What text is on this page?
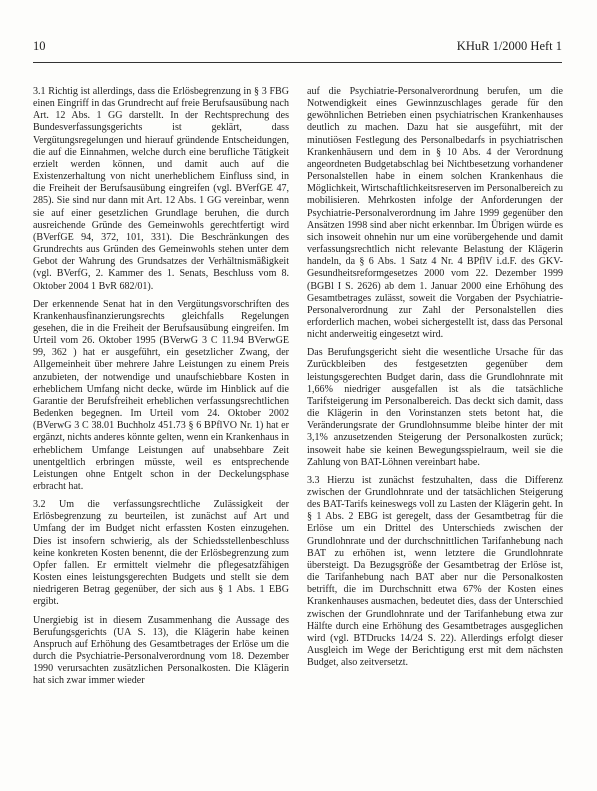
10	KHuR 1/2000 Heft 1

3.1 Richtig ist allerdings, dass die Erlösbegrenzung in § 3 FBG einen Eingriff in das Grundrecht auf freie Berufsausübung nach Art. 12 Abs. 1 GG darstellt. In der Rechtsprechung des Bundesverfassungsgerichts ist geklärt, dass Vergütungsregelungen und hierauf gründende Entscheidungen, die auf die Einnahmen, welche durch eine berufliche Tätigkeit erzielt werden können, und damit auch auf die Existenzerhaltung von nicht unerheblichem Einfluss sind, in die Freiheit der Berufsausübung eingreifen (vgl. BVerfGE 47, 285). Sie sind nur dann mit Art. 12 Abs. 1 GG vereinbar, wenn sie auf einer gesetzlichen Grundlage beruhen, die durch ausreichende Gründe des Gemeinwohls gerechtfertigt wird (BVerfGE 94, 372, 101, 331). Die Beschränkungen des Grundrechts aus Gründen des Gemeinwohls stehen unter dem Gebot der Wahrung des Grundsatzes der Verhältnismäßigkeit (vgl. BVerfG, 2. Kammer des 1. Senats, Beschluss vom 8. Oktober 2004 1 BvR 682/01).

Der erkennende Senat hat in den Vergütungsvorschriften des Krankenhausfinanzierungsrechts gleichfalls Regelungen gesehen, die in die Freiheit der Berufsausübung eingreifen. Im Urteil vom 26. Oktober 1995 (BVerwG 3 C 11.94 BVerwGE 99, 362 ) hat er ausgeführt, ein gesetzlicher Zwang, der Allgemeinheit über mehrere Jahre Leistungen zu einem Preis anzubieten, der notwendige und unaufschiebbare Kosten in erheblichem Umfang nicht decke, würde im Hinblick auf die Garantie der Berufsfreiheit erheblichen verfassungsrechtlichen Bedenken begegnen. Im Urteil vom 24. Oktober 2002 (BVerwG 3 C 38.01 Buchholz 451.73 § 6 BPflVO Nr. 1) hat er ergänzt, nichts anderes könnte gelten, wenn ein Krankenhaus in erheblichem Umfange Leistungen auf unabsehbare Zeit unentgeltlich erbringen müsste, weil es entsprechende Leistungen ohne Entgelt schon in der Deckelungsphase erbracht hat.

3.2 Um die verfassungsrechtliche Zulässigkeit der Erlösbegrenzung zu beurteilen, ist zunächst auf Art und Umfang der im Budget nicht erfassten Kosten einzugehen. Dies ist insofern schwierig, als der Schiedsstellenbeschluss keine konkreten Kosten benennt, die der Erlösbegrenzung zum Opfer fallen. Er ermittelt vielmehr die pflegesatzfähigen Kosten eines leistungsgerechten Budgets und stellt sie dem niedrigeren Betrag gegenüber, der sich aus § 1 Abs. 1 EBG ergibt.

Unergiebig ist in diesem Zusammenhang die Aussage des Berufungsgerichts (UA S. 13), die Klägerin habe keinen Anspruch auf Erhöhung des Gesamtbetrages der Erlöse um die durch die Psychiatrie-Personalverordnung vom 18. Dezember 1990 verursachten zusätzlichen Personalkosten. Die Klägerin hat sich zwar immer wieder

auf die Psychiatrie-Personalverordnung berufen, um die Notwendigkeit eines Gewinnzuschlages gerade für den gewöhnlichen Betrieben einen psychiatrischen Krankenhauses deutlich zu machen. Dazu hat sie ausgeführt, mit der minutiösen Festlegung des Personalbedarfs in psychiatrischen Krankenhäusern und dem in § 10 Abs. 4 der Verordnung angeordneten Budgetabschlag bei Nichtbesetzung vorhandener Personalstellen habe in einem solchen Krankenhaus die Möglichkeit, Wirtschaftlichkeitsreserven im Personalbereich zu mobilisieren. Mehrkosten infolge der Anforderungen der Psychiatrie-Personalverordnung im Jahre 1999 gegenüber den Ansätzen 1998 sind aber nicht erkennbar. Im Übrigen würde es sich insoweit ohnehin nur um eine vorübergehende und damit verfassungsrechtlich nicht relevante Belastung der Klägerin handeln, da § 6 Abs. 1 Satz 4 Nr. 4 BPflV i.d.F. des GKV-Gesundheitsreformgesetzes 2000 vom 22. Dezember 1999 (BGBl I S. 2626) ab dem 1. Januar 2000 eine Erhöhung des Gesamtbetrages zulässt, soweit die Vorgaben der Psychiatrie-Personalverordnung zur Zahl der Personalstellen dies erforderlich machen, wobei sichergestellt ist, dass das Personal nicht anderweitig eingesetzt wird.

Das Berufungsgericht sieht die wesentliche Ursache für das Zurückbleiben des festgesetzten gegenüber dem leistungsgerechten Budget darin, dass die Grundlohnrate mit 1,66% niedriger ausgefallen ist als die tatsächliche Tarifsteigerung im Personalbereich. Das deckt sich damit, dass die Klägerin in den Vorinstanzen stets betont hat, die Veränderungsrate der Grundlohnsumme bleibe hinter der mit 3,1% anzusetzenden Steigerung der Personalkosten zurück; insoweit habe sie keinen Bewegungsspielraum, weil sie die Zahlung von BAT-Löhnen vereinbart habe.

3.3 Hierzu ist zunächst festzuhalten, dass die Differenz zwischen der Grundlohnrate und der tatsächlichen Steigerung des BAT-Tarifs keineswegs voll zu Lasten der Klägerin geht. In § 1 Abs. 2 EBG ist geregelt, dass der Gesamtbetrag für die Erlöse um ein Drittel des Unterschieds zwischen der Grundlohnrate und der durchschnittlichen Tarifanhebung nach BAT zu erhöhen ist, wenn letztere die Grundlohnrate übersteigt. Da Bezugsgröße der Gesamtbetrag der Erlöse ist, die Tarifanhebung nach BAT aber nur die Personalkosten betrifft, die im Durchschnitt etwa 67% der Kosten eines Krankenhauses ausmachen, bedeutet dies, dass der Unterschied zwischen der Grundlohnrate und der Tarifanhebung etwa zur Hälfte durch eine Erhöhung des Gesamtbetrages ausgeglichen wird (vgl. BTDrucks 14/24 S. 22). Allerdings erfolgt dieser Ausgleich im Wege der Berichtigung erst mit dem nächsten Budget, also zeitversetzt.
